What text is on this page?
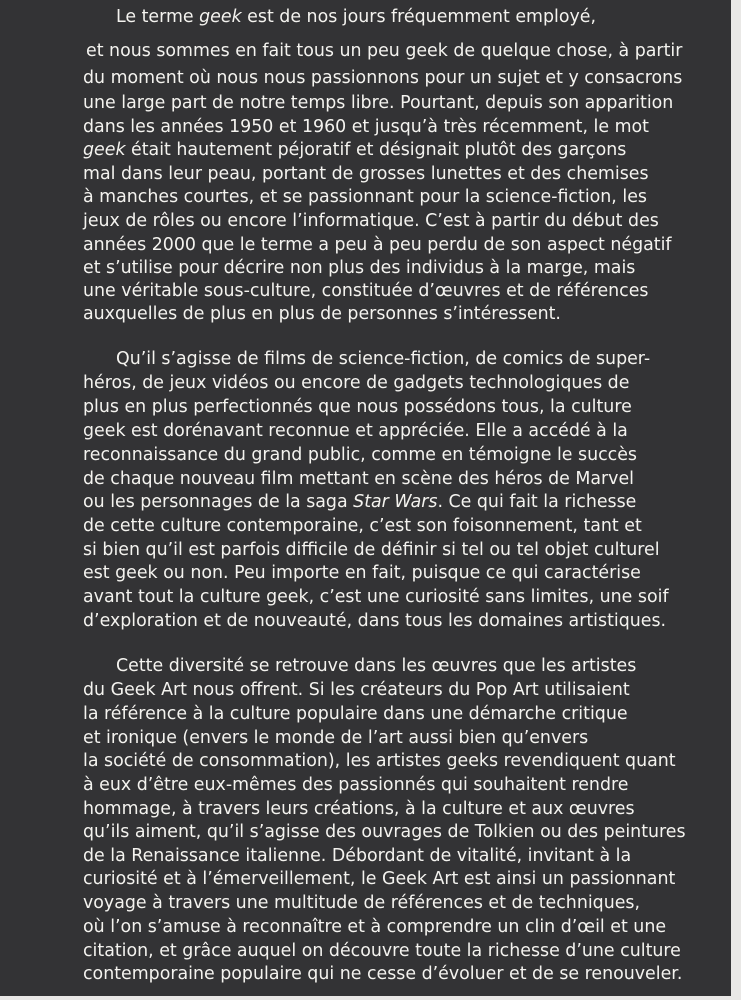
Le terme geek est de nos jours fréquemment employé,
et nous sommes en fait tous un peu geek de quelque chose, à partir
du moment où nous nous passionnons pour un sujet et y consacrons
une large part de notre temps libre. Pourtant, depuis son apparition
dans les années 1950 et 1960 et jusqu’à très récemment, le mot
geek était hautement péjoratif et désignait plutôt des garçons
mal dans leur peau, portant de grosses lunettes et des chemises
à manches courtes, et se passionnant pour la science-fiction, les
jeux de rôles ou encore l’informatique. C’est à partir du début des
années 2000 que le terme a peu à peu perdu de son aspect négatif
et s’utilise pour décrire non plus des individus à la marge, mais
une véritable sous-culture, constituée d’œuvres et de références
auxquelles de plus en plus de personnes s’intéressent.
Qu’il s’agisse de films de science-fiction, de comics de super-
héros, de jeux vidéos ou encore de gadgets technologiques de
plus en plus perfectionnés que nous possédons tous, la culture
geek est dorénavant reconnue et appréciée. Elle a accédé à la
reconnaissance du grand public, comme en témoigne le succès
de chaque nouveau film mettant en scène des héros de Marvel
ou les personnages de la saga Star Wars. Ce qui fait la richesse
de cette culture contemporaine, c’est son foisonnement, tant et
si bien qu’il est parfois difficile de définir si tel ou tel objet culturel
est geek ou non. Peu importe en fait, puisque ce qui caractérise
avant tout la culture geek, c’est une curiosité sans limites, une soif
d’exploration et de nouveauté, dans tous les domaines artistiques.
Cette diversité se retrouve dans les œuvres que les artistes
du Geek Art nous offrent. Si les créateurs du Pop Art utilisaient
la référence à la culture populaire dans une démarche critique
et ironique (envers le monde de l’art aussi bien qu’envers
la société de consommation), les artistes geeks revendiquent quant
à eux d’être eux-mêmes des passionnés qui souhaitent rendre
hommage, à travers leurs créations, à la culture et aux œuvres
qu’ils aiment, qu’il s’agisse des ouvrages de Tolkien ou des peintures
de la Renaissance italienne. Débordant de vitalité, invitant à la
curiosité et à l’émerveillement, le Geek Art est ainsi un passionnant
voyage à travers une multitude de références et de techniques,
où l’on s’amuse à reconnaître et à comprendre un clin d’œil et une
citation, et grâce auquel on découvre toute la richesse d’une culture
contemporaine populaire qui ne cesse d’évoluer et de se renouveler.
